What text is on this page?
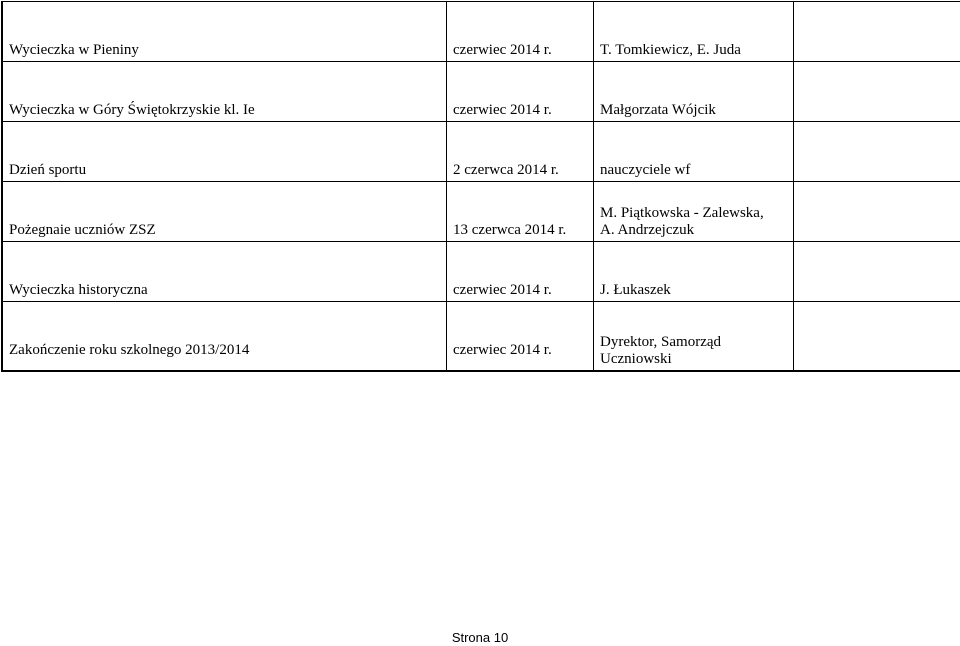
Wycieczka w Pieniny	czerwiec 2014 r.	T. Tomkiewicz, E. Juda	

Wycieczka w Góry Świętokrzyskie kl. Ie	czerwiec 2014 r.	Małgorzata Wójcik	

Dzień sportu	2 czerwca 2014 r.	nauczyciele wf	

Pożegnaie uczniów ZSZ	13 czerwca 2014 r.	M. Piątkowska - Zalewska,
A. Andrzejczuk	

Wycieczka historyczna	czerwiec 2014 r.	J. Łukaszek	

Zakończenie roku szkolnego 2013/2014	czerwiec 2014 r.	Dyrektor, Samorząd
Uczniowski	

Strona 10
